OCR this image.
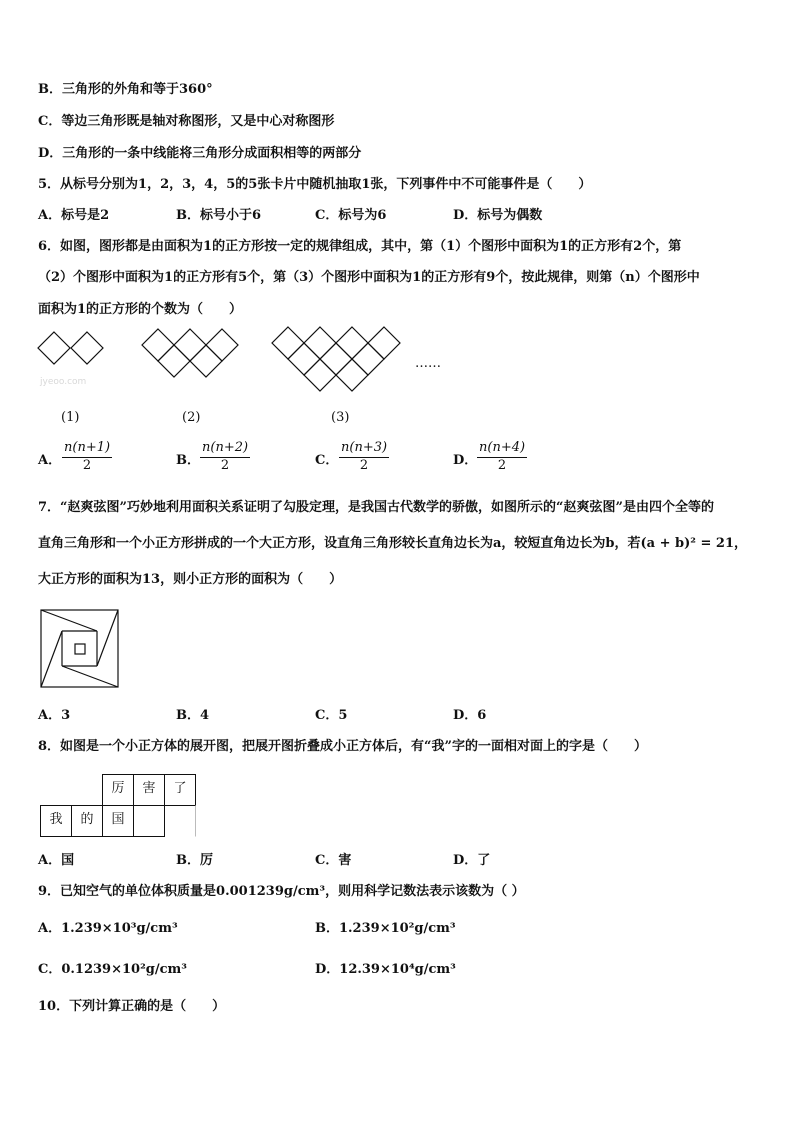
B．三角形的外角和等于360°
C．等边三角形既是轴对称图形，又是中心对称图形
D．三角形的一条中线能将三角形分成面积相等的两部分
5．从标号分别为1，2，3，4，5的5张卡片中随机抽取1张，下列事件中不可能事件是（　　）
A．标号是2	B．标号小于6	C．标号为6	D．标号为偶数
6．如图，图形都是由面积为1的正方形按一定的规律组成，其中，第（1）个图形中面积为1的正方形有2个，第
（2）个图形中面积为1的正方形有5个，第（3）个图形中面积为1的正方形有9个，按此规律，则第（n）个图形中
面积为1的正方形的个数为（　　）
……
jyeoo.com
(1)	(2)	(3)
A． $\frac{n(n+1)}{2}$	B． $\frac{n(n+2)}{2}$	C． $\frac{n(n+3)}{2}$	D． $\frac{n(n+4)}{2}$
7．“赵爽弦图”巧妙地利用面积关系证明了勾股定理，是我国古代数学的骄傲，如图所示的“赵爽弦图”是由四个全等的
直角三角形和一个小正方形拼成的一个大正方形，设直角三角形较长直角边长为a，较短直角边长为b，若(a + b)² = 21，
大正方形的面积为13，则小正方形的面积为（　　）
A．3	B．4	C．5	D．6
8．如图是一个小正方体的展开图，把展开图折叠成小正方体后，有“我”字的一面相对面上的字是（　　）
厉	害	了
我	的	国
A．国	B．厉	C．害	D．了
9．已知空气的单位体积质量是0.001239g/cm³，则用科学记数法表示该数为（ ）
A．1.239×10³g/cm³	B．1.239×10²g/cm³
C．0.1239×10²g/cm³	D．12.39×10⁴g/cm³
10．下列计算正确的是（　　）
